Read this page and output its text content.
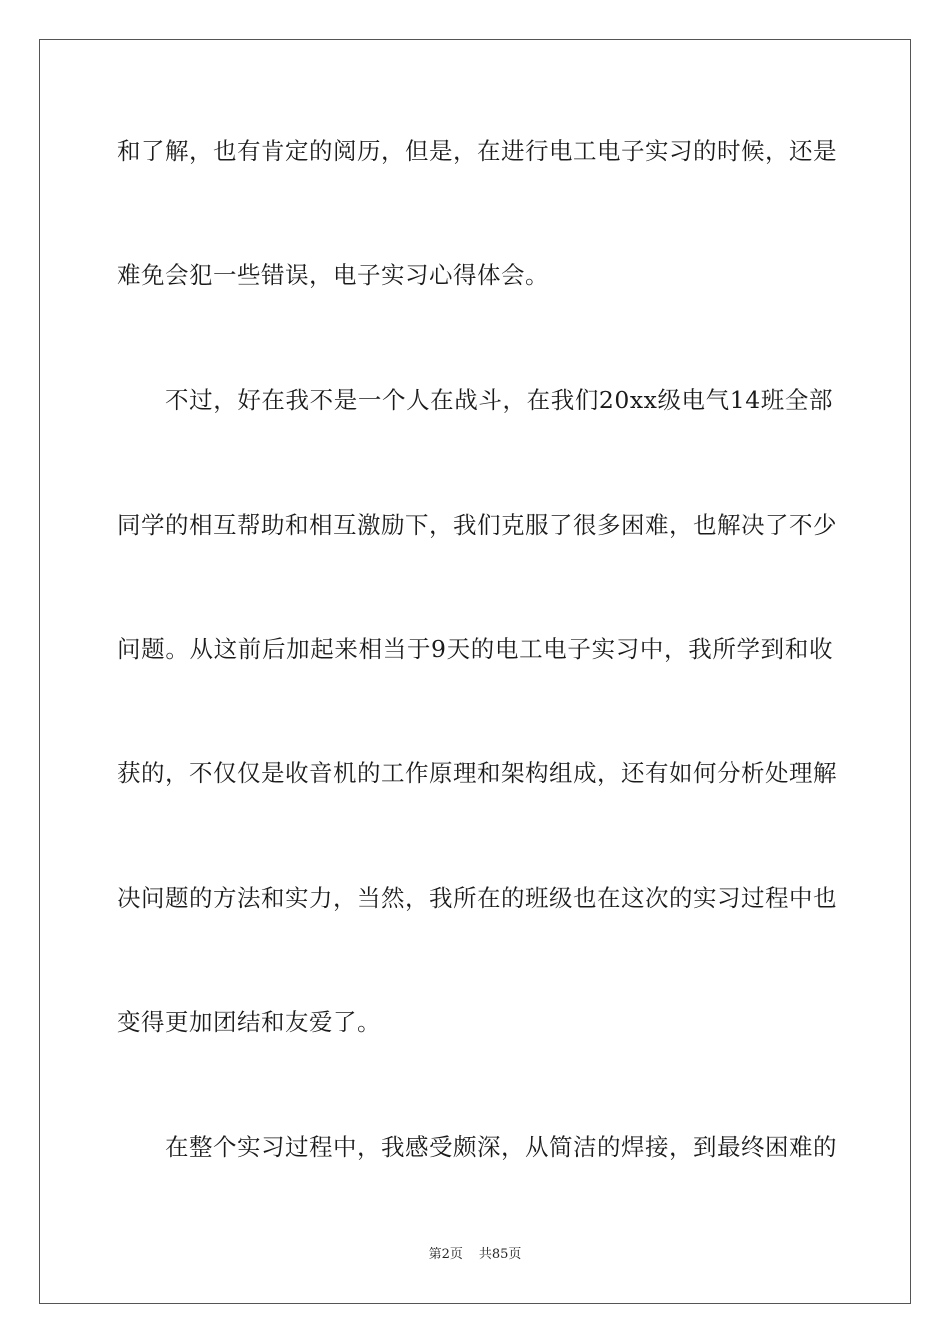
和了解，也有肯定的阅历，但是，在进行电工电子实习的时候，还是

难免会犯一些错误，电子实习心得体会。

不过，好在我不是一个人在战斗，在我们20xx级电气14班全部

同学的相互帮助和相互激励下，我们克服了很多困难，也解决了不少

问题。从这前后加起来相当于9天的电工电子实习中，我所学到和收

获的，不仅仅是收音机的工作原理和架构组成，还有如何分析处理解

决问题的方法和实力，当然，我所在的班级也在这次的实习过程中也

变得更加团结和友爱了。

在整个实习过程中，我感受颇深，从简洁的焊接，到最终困难的

第2页 共85页
